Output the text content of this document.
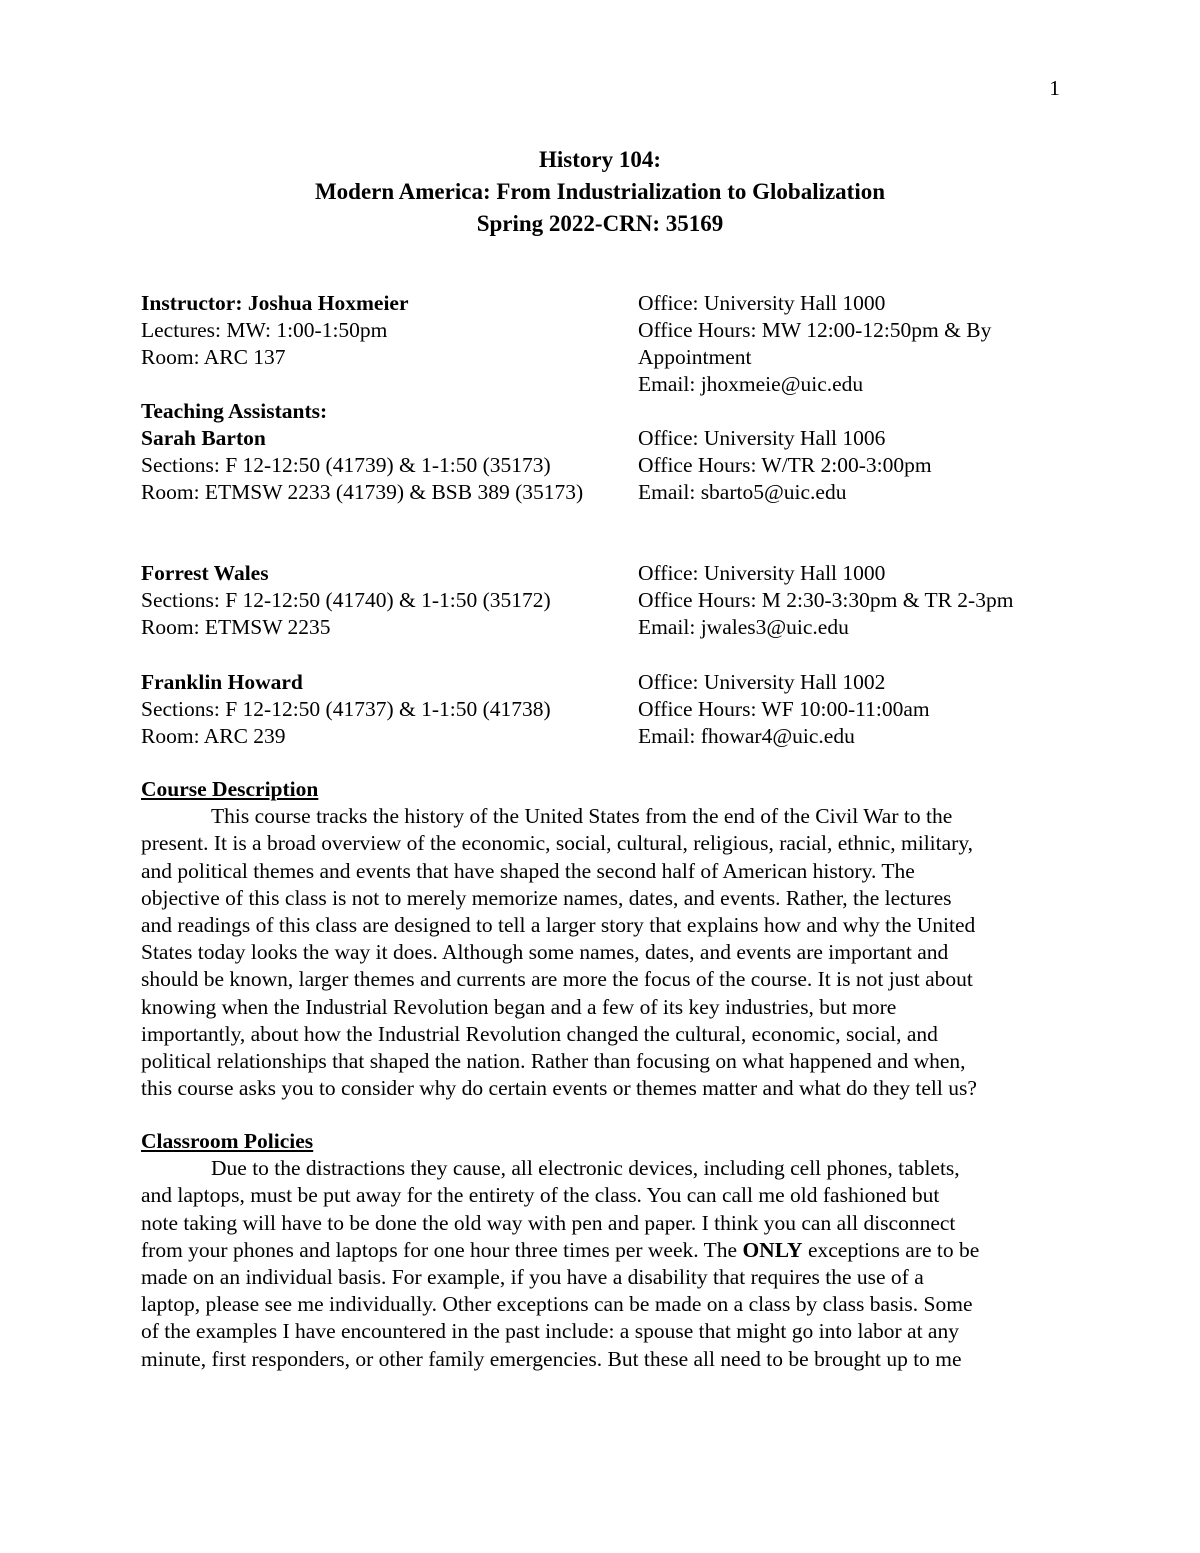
1
History 104:
Modern America: From Industrialization to Globalization
Spring 2022-CRN: 35169
Instructor: Joshua Hoxmeier
Lectures: MW: 1:00-1:50pm
Room: ARC 137
Office: University Hall 1000
Office Hours: MW 12:00-12:50pm & By Appointment
Email: jhoxmeie@uic.edu
Teaching Assistants:
Sarah Barton
Sections: F 12-12:50 (41739) & 1-1:50 (35173)
Room: ETMSW 2233 (41739) & BSB 389 (35173)

Office: University Hall 1006
Office Hours: W/TR 2:00-3:00pm
Email: sbarto5@uic.edu
Forrest Wales
Sections: F 12-12:50 (41740) & 1-1:50 (35172)
Room: ETMSW 2235
Office: University Hall 1000
Office Hours: M 2:30-3:30pm & TR 2-3pm
Email: jwales3@uic.edu
Franklin Howard
Sections: F 12-12:50 (41737) & 1-1:50 (41738)
Room: ARC 239
Office: University Hall 1002
Office Hours: WF 10:00-11:00am
Email: fhowar4@uic.edu
Course Description
This course tracks the history of the United States from the end of the Civil War to the
present. It is a broad overview of the economic, social, cultural, religious, racial, ethnic, military,
and political themes and events that have shaped the second half of American history. The
objective of this class is not to merely memorize names, dates, and events. Rather, the lectures
and readings of this class are designed to tell a larger story that explains how and why the United
States today looks the way it does. Although some names, dates, and events are important and
should be known, larger themes and currents are more the focus of the course. It is not just about
knowing when the Industrial Revolution began and a few of its key industries, but more
importantly, about how the Industrial Revolution changed the cultural, economic, social, and
political relationships that shaped the nation. Rather than focusing on what happened and when,
this course asks you to consider why do certain events or themes matter and what do they tell us?
Classroom Policies
Due to the distractions they cause, all electronic devices, including cell phones, tablets,
and laptops, must be put away for the entirety of the class. You can call me old fashioned but
note taking will have to be done the old way with pen and paper. I think you can all disconnect
from your phones and laptops for one hour three times per week. The ONLY exceptions are to be
made on an individual basis. For example, if you have a disability that requires the use of a
laptop, please see me individually. Other exceptions can be made on a class by class basis. Some
of the examples I have encountered in the past include: a spouse that might go into labor at any
minute, first responders, or other family emergencies. But these all need to be brought up to me
